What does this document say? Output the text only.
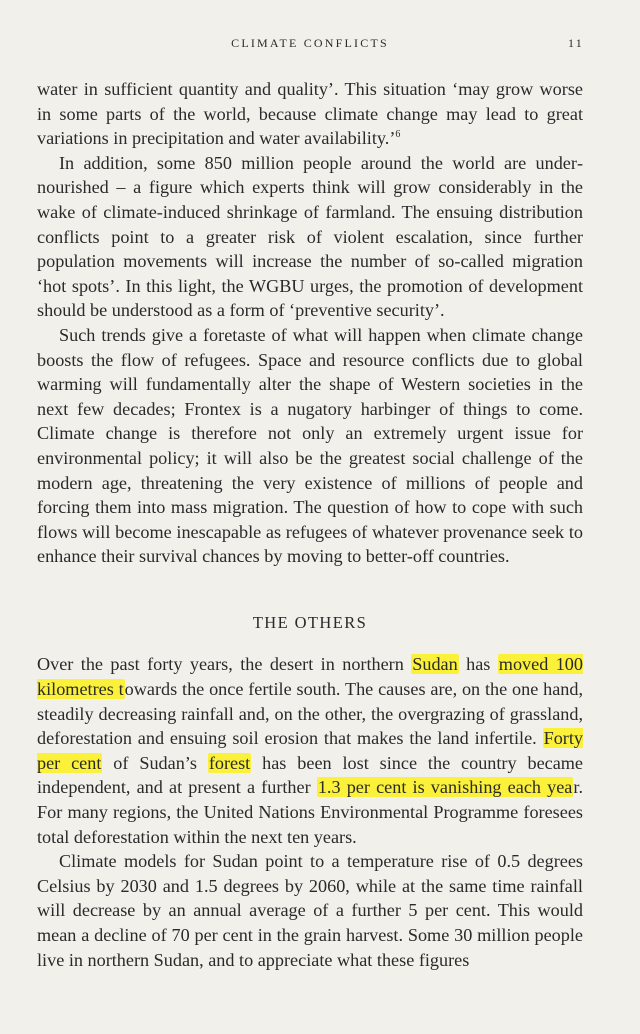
CLIMATE CONFLICTS	11

water in sufficient quantity and quality’. This situation ‘may grow worse in some parts of the world, because climate change may lead to great variations in precipitation and water availability.’$^6$

In addition, some 850 million people around the world are undernourished – a figure which experts think will grow considerably in the wake of climate-induced shrinkage of farmland. The ensuing distribution conflicts point to a greater risk of violent escalation, since further population movements will increase the number of so-called migration ‘hot spots’. In this light, the WGBU urges, the promotion of development should be understood as a form of ‘preventive security’.

Such trends give a foretaste of what will happen when climate change boosts the flow of refugees. Space and resource conflicts due to global warming will fundamentally alter the shape of Western societies in the next few decades; Frontex is a nugatory harbinger of things to come. Climate change is therefore not only an extremely urgent issue for environmental policy; it will also be the greatest social challenge of the modern age, threatening the very existence of millions of people and forcing them into mass migration. The question of how to cope with such flows will become inescapable as refugees of whatever provenance seek to enhance their survival chances by moving to better-off countries.

THE OTHERS

Over the past forty years, the desert in northern Sudan has moved 100 kilometres towards the once fertile south. The causes are, on the one hand, steadily decreasing rainfall and, on the other, the overgrazing of grassland, deforestation and ensuing soil erosion that makes the land infertile. Forty per cent of Sudan’s forest has been lost since the country became independent, and at present a further 1.3 per cent is vanishing each year. For many regions, the United Nations Environmental Programme foresees total deforestation within the next ten years.

Climate models for Sudan point to a temperature rise of 0.5 degrees Celsius by 2030 and 1.5 degrees by 2060, while at the same time rainfall will decrease by an annual average of a further 5 per cent. This would mean a decline of 70 per cent in the grain harvest. Some 30 million people live in northern Sudan, and to appreciate what these figures
